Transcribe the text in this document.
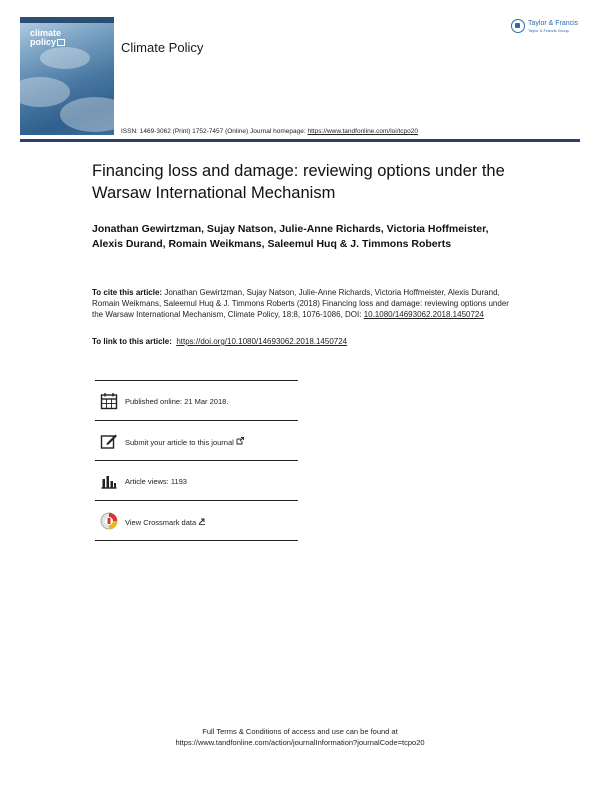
climate
policy	Climate Policy
Taylor & Francis
Taylor & Francis Group
ISSN: 1469-3062 (Print) 1752-7457 (Online) Journal homepage: https://www.tandfonline.com/loi/tcpo20
Financing loss and damage: reviewing options under the Warsaw International Mechanism

Jonathan Gewirtzman, Sujay Natson, Julie-Anne Richards, Victoria Hoffmeister, Alexis Durand, Romain Weikmans, Saleemul Huq & J. Timmons Roberts

To cite this article: Jonathan Gewirtzman, Sujay Natson, Julie-Anne Richards, Victoria Hoffmeister, Alexis Durand, Romain Weikmans, Saleemul Huq & J. Timmons Roberts (2018) Financing loss and damage: reviewing options under the Warsaw International Mechanism, Climate Policy, 18:8, 1076-1086, DOI: 10.1080/14693062.2018.1450724
To link to this article: https://doi.org/10.1080/14693062.2018.1450724
Published online: 21 Mar 2018.
Submit your article to this journal
Article views: 1193
View Crossmark data
Full Terms & Conditions of access and use can be found at
https://www.tandfonline.com/action/journalInformation?journalCode=tcpo20
